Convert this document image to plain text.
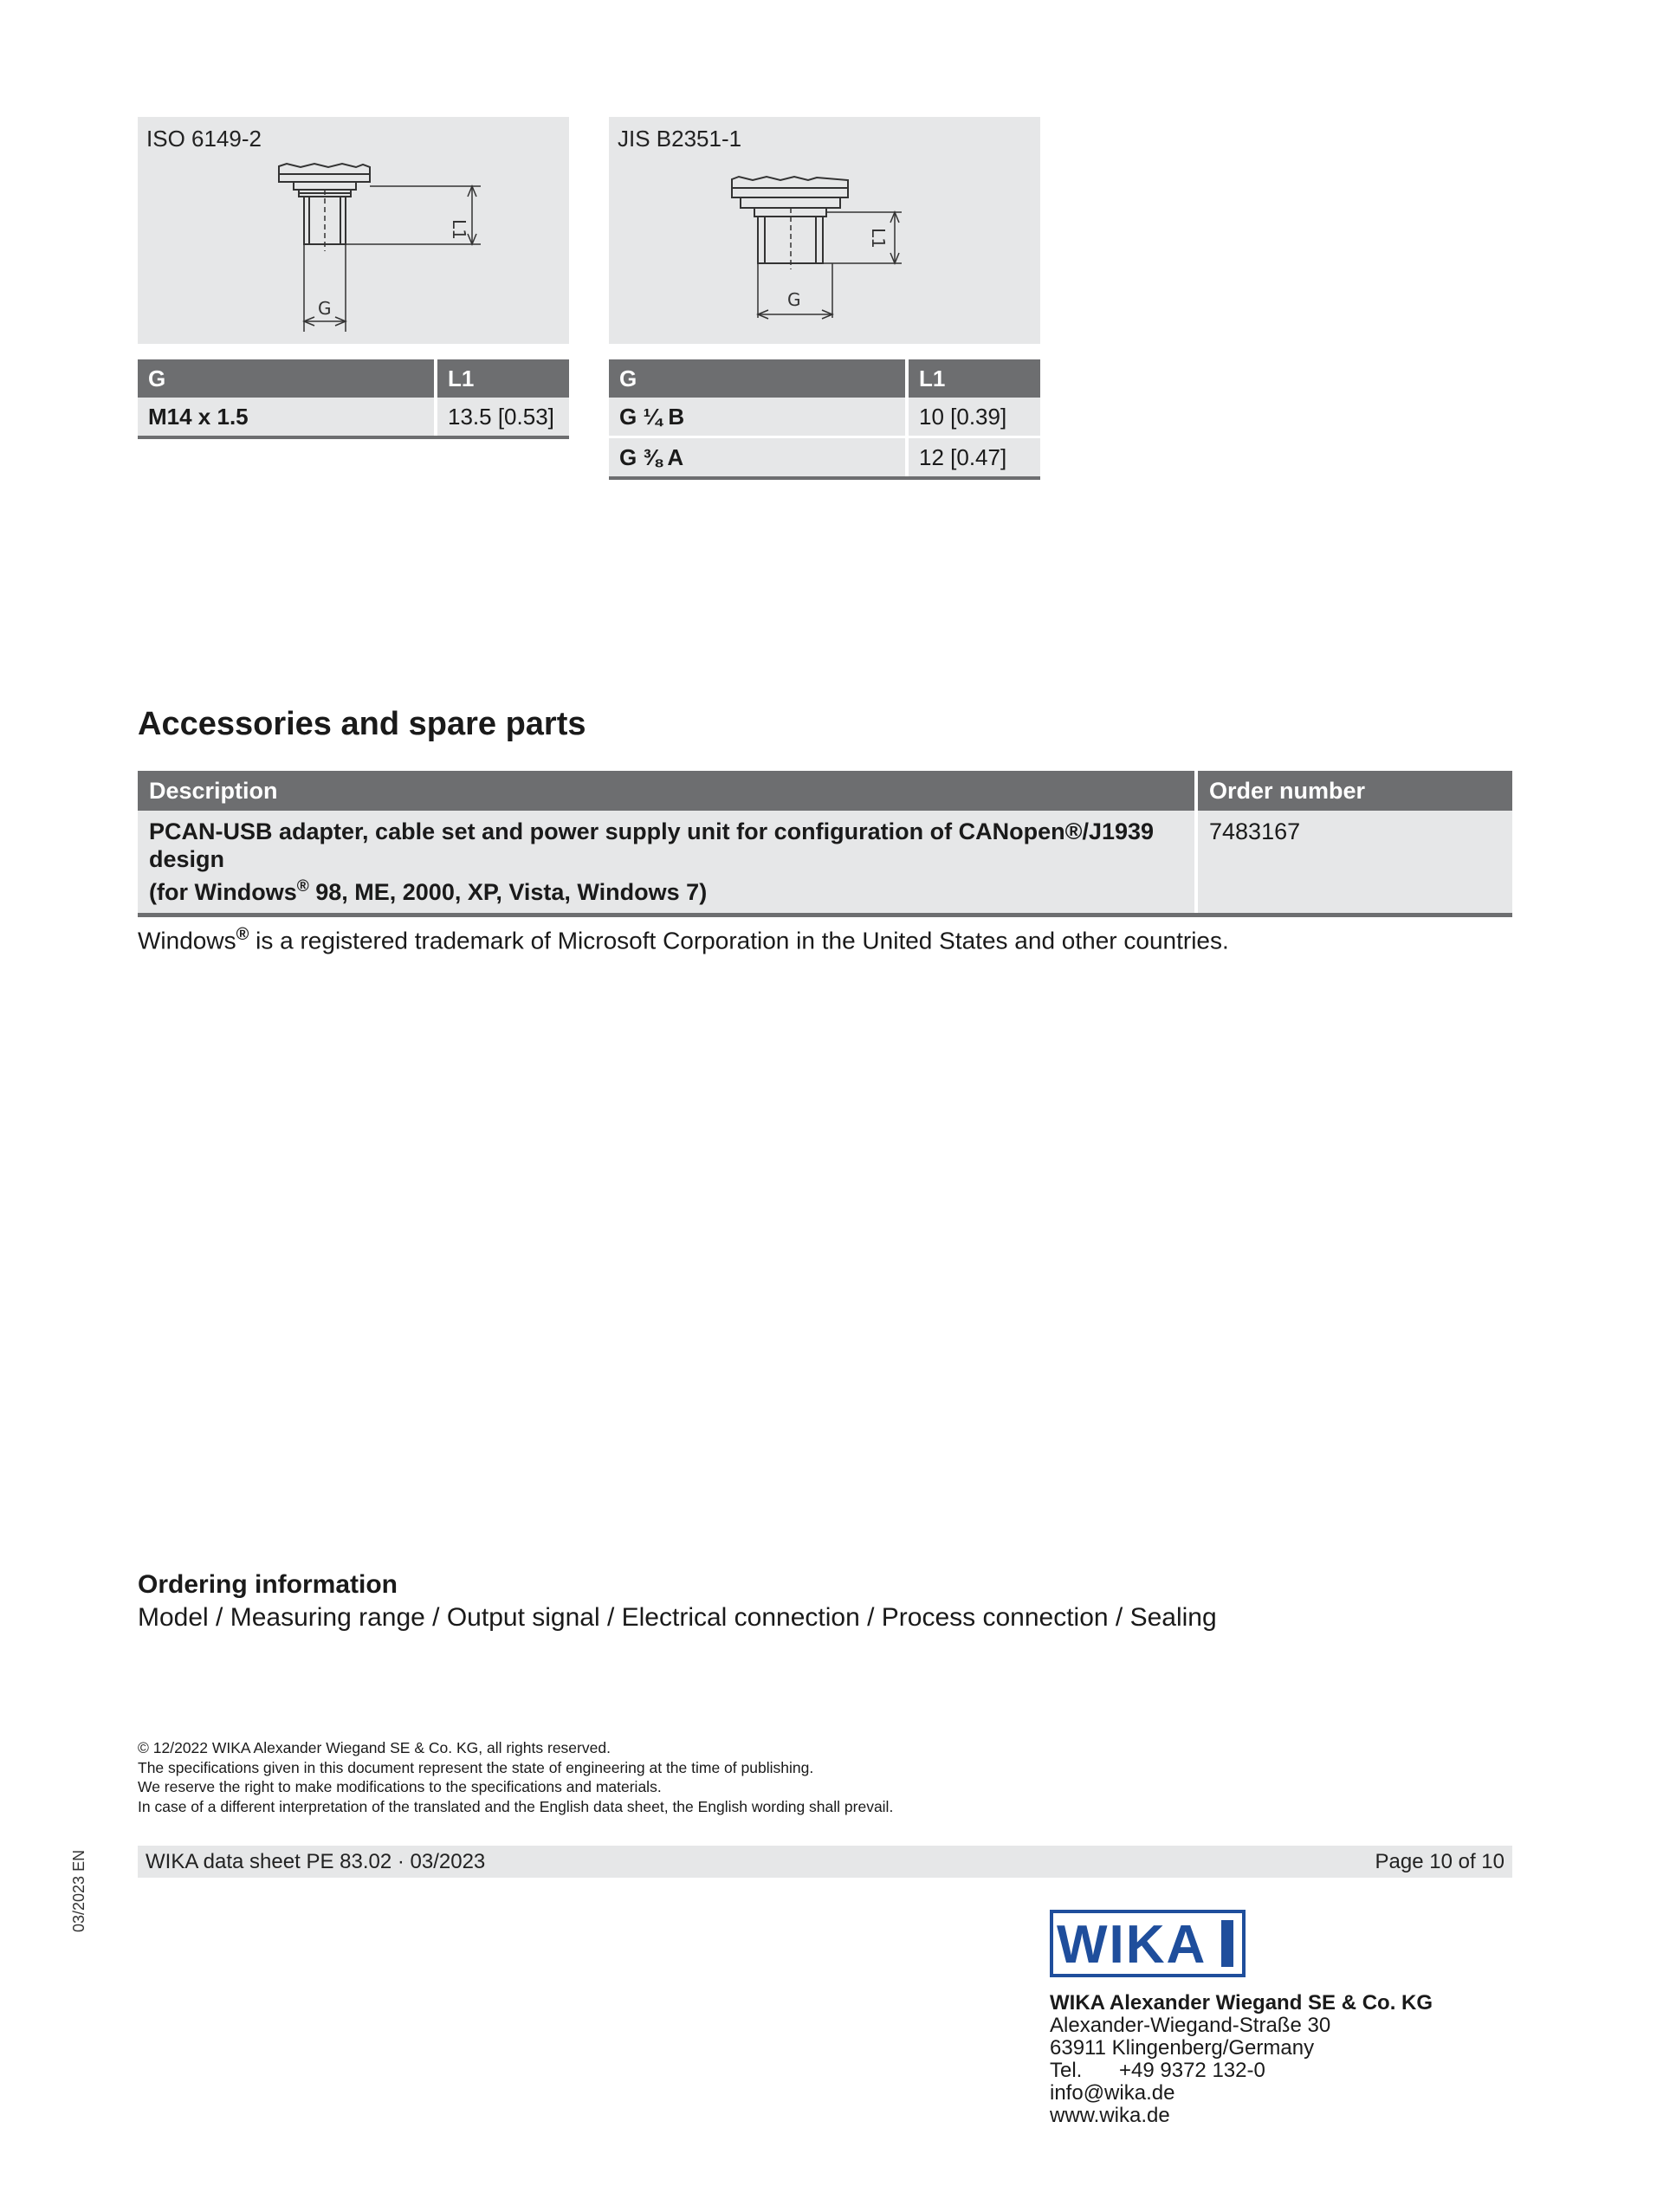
ISO 6149-2
L1
G
JIS B2351-1
L1
G
G	L1
M14 x 1.5	13.5 [0.53]
G	L1
G ¼ B	10 [0.39]
G ⅜ A	12 [0.47]
Accessories and spare parts
Description	Order number
PCAN-USB adapter, cable set and power supply unit for configuration of CANopen®/J1939 design
(for Windows® 98, ME, 2000, XP, Vista, Windows 7)	7483167
Windows® is a registered trademark of Microsoft Corporation in the United States and other countries.
Ordering information
Model / Measuring range / Output signal / Electrical connection / Process connection / Sealing
© 12/2022 WIKA Alexander Wiegand SE & Co. KG, all rights reserved.
The specifications given in this document represent the state of engineering at the time of publishing.
We reserve the right to make modifications to the specifications and materials.
In case of a different interpretation of the translated and the English data sheet, the English wording shall prevail.
WIKA data sheet PE 83.02 · 03/2023	Page 10 of 10
03/2023 EN
WIKA
WIKA Alexander Wiegand SE & Co. KG
Alexander-Wiegand-Straße 30
63911 Klingenberg/Germany
Tel. +49 9372 132-0
info@wika.de
www.wika.de
